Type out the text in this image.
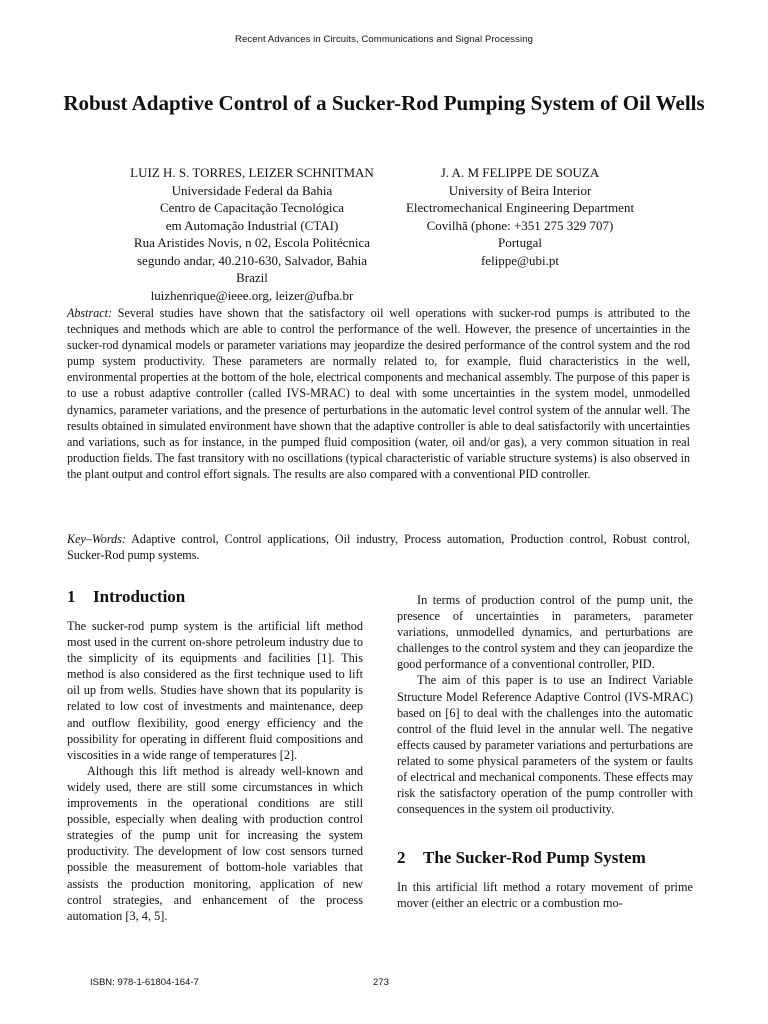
Recent Advances in Circuits, Communications and Signal Processing
Robust Adaptive Control of a Sucker-Rod Pumping System of Oil Wells
LUIZ H. S. TORRES, LEIZER SCHNITMAN
Universidade Federal da Bahia
Centro de Capacitação Tecnológica
em Automação Industrial (CTAI)
Rua Aristides Novis, n 02, Escola Politécnica
segundo andar, 40.210-630, Salvador, Bahia
Brazil
luizhenrique@ieee.org, leizer@ufba.br
J. A. M FELIPPE DE SOUZA
University of Beira Interior
Electromechanical Engineering Department
Covilhã (phone: +351 275 329 707)
Portugal
felippe@ubi.pt

Abstract: Several studies have shown that the satisfactory oil well operations with sucker-rod pumps is attributed to the techniques and methods which are able to control the performance of the well. However, the presence of uncertainties in the sucker-rod dynamical models or parameter variations may jeopardize the desired performance of the control system and the rod pump system productivity. These parameters are normally related to, for example, fluid characteristics in the well, environmental properties at the bottom of the hole, electrical components and mechanical assembly. The purpose of this paper is to use a robust adaptive controller (called IVS-MRAC) to deal with some uncertainties in the system model, unmodelled dynamics, parameter variations, and the presence of perturbations in the automatic level control system of the annular well. The results obtained in simulated environment have shown that the adaptive controller is able to deal satisfactorily with uncertainties and variations, such as for instance, in the pumped fluid composition (water, oil and/or gas), a very common situation in real production fields. The fast transitory with no oscillations (typical characteristic of variable structure systems) is also observed in the plant output and control effort signals. The results are also compared with a conventional PID controller.

Key–Words: Adaptive control, Control applications, Oil industry, Process automation, Production control, Robust control, Sucker-Rod pump systems.

1 Introduction

The sucker-rod pump system is the artificial lift method most used in the current on-shore petroleum industry due to the simplicity of its equipments and facilities [1]. This method is also considered as the first technique used to lift oil up from wells. Studies have shown that its popularity is related to low cost of investments and maintenance, deep and outflow flexibility, good energy efficiency and the possibility for operating in different fluid compositions and viscosities in a wide range of temperatures [2].

Although this lift method is already well-known and widely used, there are still some circumstances in which improvements in the operational conditions are still possible, especially when dealing with production control strategies of the pump unit for increasing the system productivity. The development of low cost sensors turned possible the measurement of bottom-hole variables that assists the production monitoring, application of new control strategies, and enhancement of the process automation [3, 4, 5].

In terms of production control of the pump unit, the presence of uncertainties in parameters, parameter variations, unmodelled dynamics, and perturbations are challenges to the control system and they can jeopardize the good performance of a conventional controller, PID.

The aim of this paper is to use an Indirect Variable Structure Model Reference Adaptive Control (IVS-MRAC) based on [6] to deal with the challenges into the automatic control of the fluid level in the annular well. The negative effects caused by parameter variations and perturbations are related to some physical parameters of the system or faults of electrical and mechanical components. These effects may risk the satisfactory operation of the pump controller with consequences in the system oil productivity.

2 The Sucker-Rod Pump System

In this artificial lift method a rotary movement of prime mover (either an electric or a combustion mo-

ISBN: 978-1-61804-164-7	273
